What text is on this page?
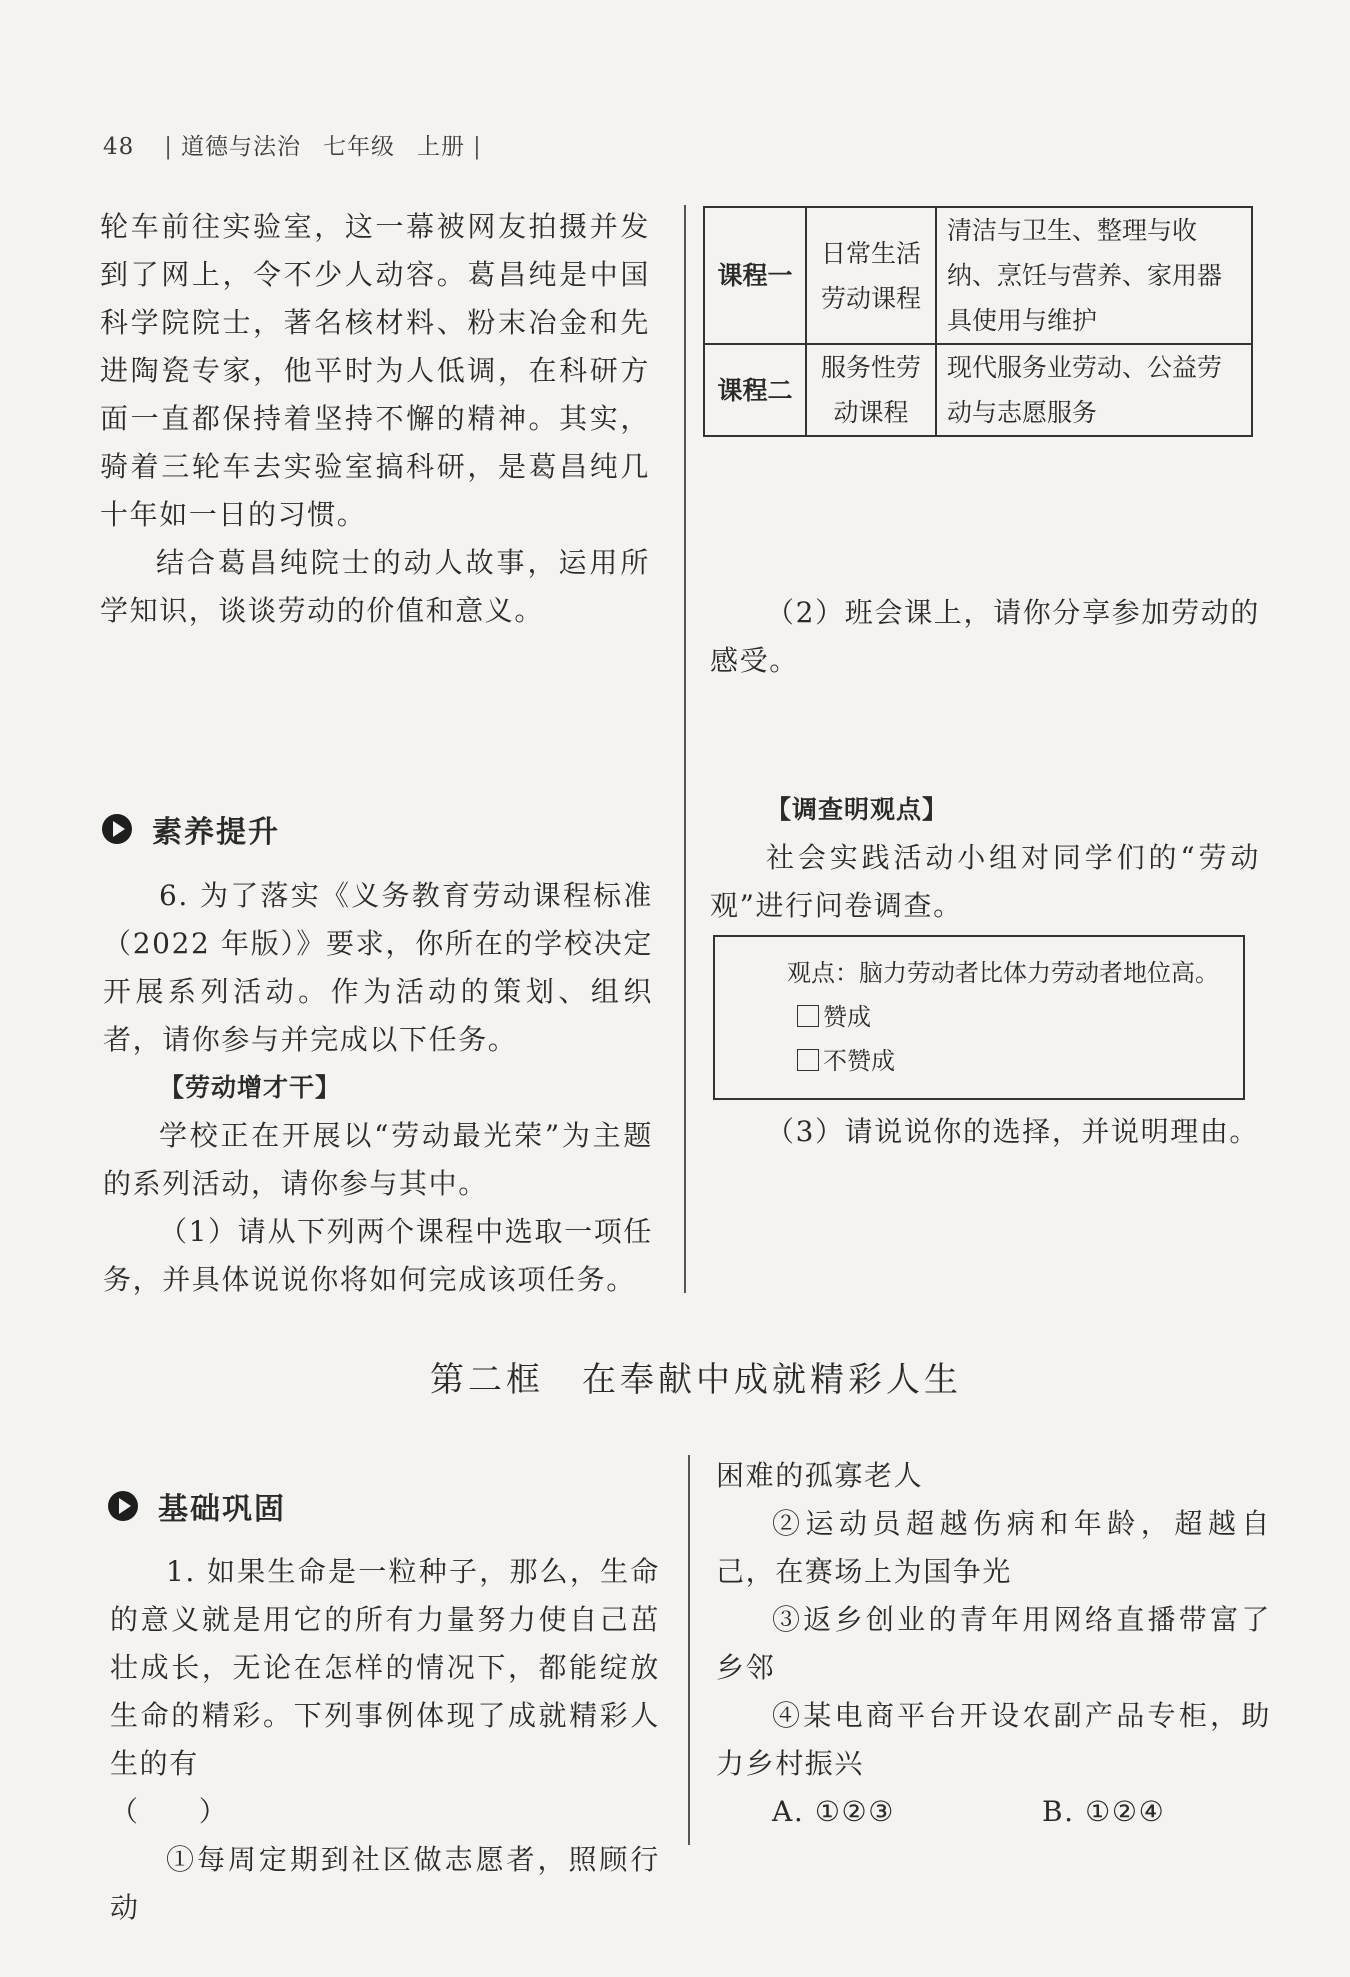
48 | 道德与法治 七年级 上册 |

轮车前往实验室，这一幕被网友拍摄并发到了网上，令不少人动容。葛昌纯是中国科学院院士，著名核材料、粉末冶金和先进陶瓷专家，他平时为人低调，在科研方面一直都保持着坚持不懈的精神。其实，骑着三轮车去实验室搞科研，是葛昌纯几十年如一日的习惯。

结合葛昌纯院士的动人故事，运用所学知识，谈谈劳动的价值和意义。

素养提升

6. 为了落实《义务教育劳动课程标准（2022 年版）》要求，你所在的学校决定开展系列活动。作为活动的策划、组织者，请你参与并完成以下任务。

【劳动增才干】

学校正在开展以“劳动最光荣”为主题的系列活动，请你参与其中。

（1）请从下列两个课程中选取一项任务，并具体说说你将如何完成该项任务。

课程一	日常生活劳动课程	清洁与卫生、整理与收纳、烹饪与营养、家用器具使用与维护
课程二	服务性劳动课程	现代服务业劳动、公益劳动与志愿服务

（2）班会课上，请你分享参加劳动的感受。

【调查明观点】

社会实践活动小组对同学们的“劳动观”进行问卷调查。

观点：脑力劳动者比体力劳动者地位高。
赞成
不赞成

（3）请说说你的选择，并说明理由。

第二框　在奉献中成就精彩人生
基础巩固

1. 如果生命是一粒种子，那么，生命的意义就是用它的所有力量努力使自己茁壮成长，无论在怎样的情况下，都能绽放生命的精彩。下列事例体现了成就精彩人生的有

（　　）

①每周定期到社区做志愿者，照顾行动

困难的孤寡老人

②运动员超越伤病和年龄，超越自己，在赛场上为国争光

③返乡创业的青年用网络直播带富了乡邻

④某电商平台开设农副产品专柜，助力乡村振兴

A. ①②③	B. ①②④
